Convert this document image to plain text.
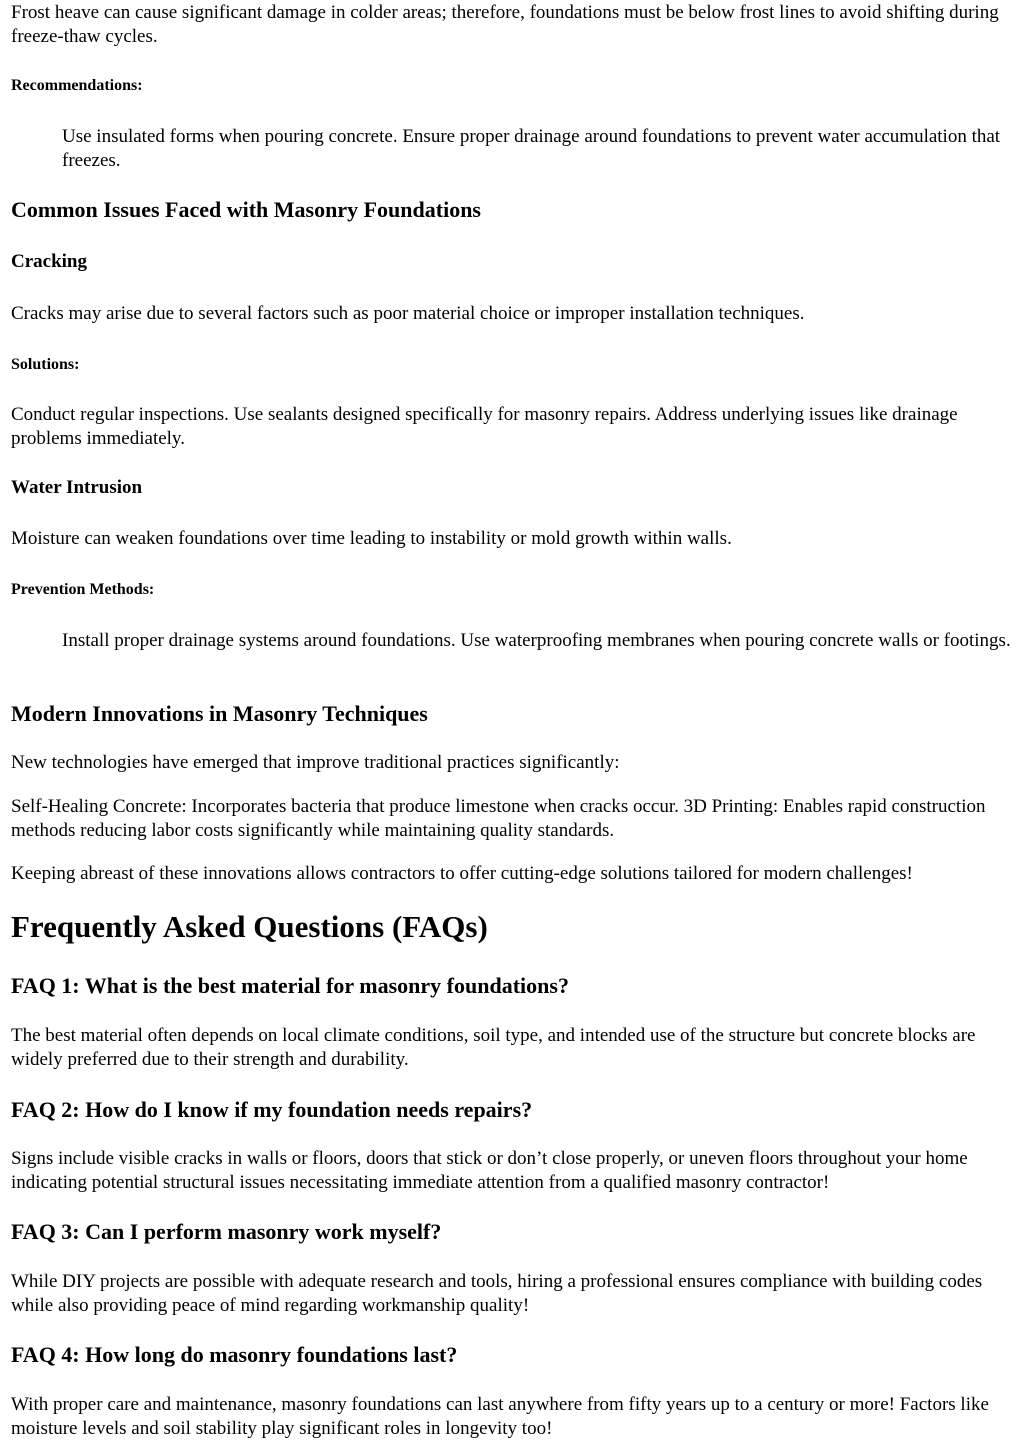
Frost heave can cause significant damage in colder areas; therefore, foundations must be below frost lines to avoid shifting during freeze-thaw cycles.

Recommendations:

Use insulated forms when pouring concrete. Ensure proper drainage around foundations to prevent water accumulation that freezes.

Common Issues Faced with Masonry Foundations
Cracking

Cracks may arise due to several factors such as poor material choice or improper installation techniques.

Solutions:

Conduct regular inspections. Use sealants designed specifically for masonry repairs. Address underlying issues like drainage problems immediately.

Water Intrusion

Moisture can weaken foundations over time leading to instability or mold growth within walls.

Prevention Methods:

Install proper drainage systems around foundations. Use waterproofing membranes when pouring concrete walls or footings.

Modern Innovations in Masonry Techniques

New technologies have emerged that improve traditional practices significantly:

Self-Healing Concrete: Incorporates bacteria that produce limestone when cracks occur. 3D Printing: Enables rapid construction methods reducing labor costs significantly while maintaining quality standards.

Keeping abreast of these innovations allows contractors to offer cutting-edge solutions tailored for modern challenges!

Frequently Asked Questions (FAQs)
FAQ 1: What is the best material for masonry foundations?

The best material often depends on local climate conditions, soil type, and intended use of the structure but concrete blocks are widely preferred due to their strength and durability.

FAQ 2: How do I know if my foundation needs repairs?

Signs include visible cracks in walls or floors, doors that stick or don’t close properly, or uneven floors throughout your home indicating potential structural issues necessitating immediate attention from a qualified masonry contractor!

FAQ 3: Can I perform masonry work myself?

While DIY projects are possible with adequate research and tools, hiring a professional ensures compliance with building codes while also providing peace of mind regarding workmanship quality!

FAQ 4: How long do masonry foundations last?

With proper care and maintenance, masonry foundations can last anywhere from fifty years up to a century or more! Factors like moisture levels and soil stability play significant roles in longevity too!
